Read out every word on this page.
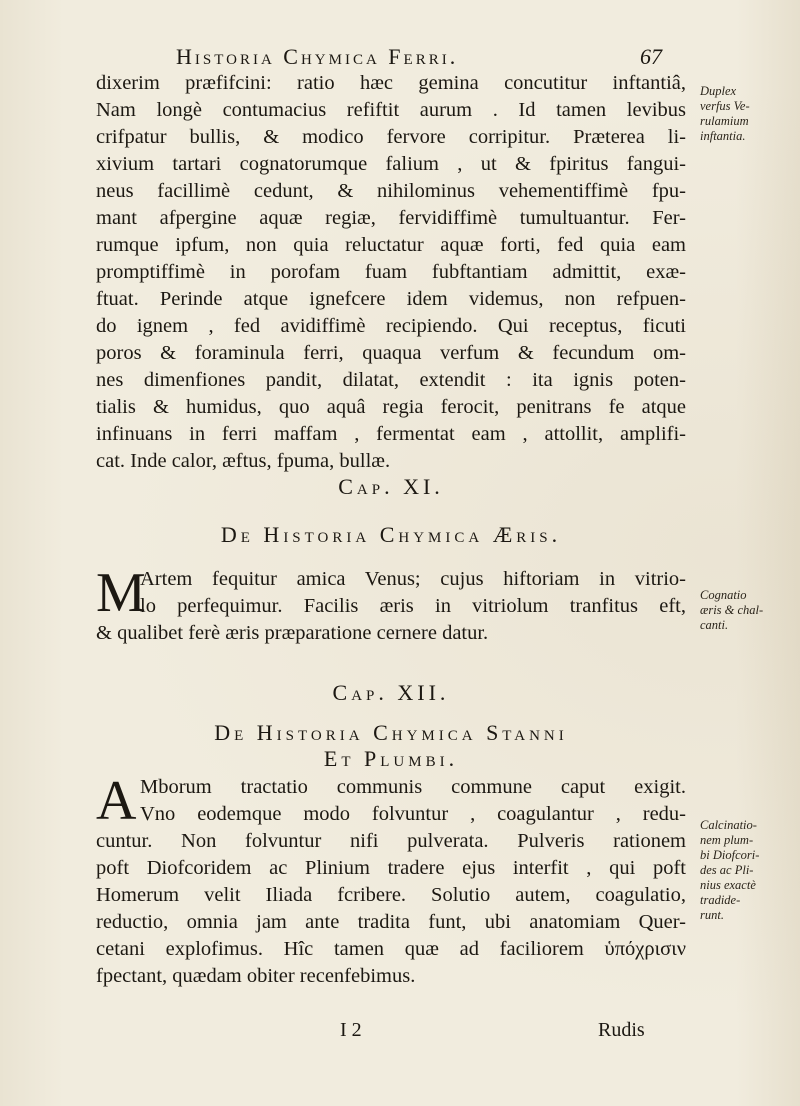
Historia Chymica Ferri.	67
dixerim præfifcini: ratio hæc gemina concutitur inftantiâ,
Nam longè contumacius refiftit aurum . Id tamen levibus
crifpatur bullis, & modico fervore corripitur. Præterea li-
xivium tartari cognatorumque falium , ut & fpiritus fangui-
neus facillimè cedunt, & nihilominus vehementiffimè fpu-
mant afpergine aquæ regiæ, fervidiffimè tumultuantur. Fer-
rumque ipfum, non quia reluctatur aquæ forti, fed quia eam
promptiffimè in porofam fuam fubftantiam admittit, exæ-
ftuat. Perinde atque ignefcere idem videmus, non refpuen-
do ignem , fed avidiffimè recipiendo. Qui receptus, ficuti
poros & foraminula ferri, quaqua verfum & fecundum om-
nes dimenfiones pandit, dilatat, extendit : ita ignis poten-
tialis & humidus, quo aquâ regia ferocit, penitrans fe atque
infinuans in ferri maffam , fermentat eam , attollit, amplifi-
cat. Inde calor, æftus, fpuma, bullæ.
Duplex
verfus Ve-
rulamium
inftantia.
Cap. XI.
De Historia Chymica Æris.
M
Artem fequitur amica Venus; cujus hiftoriam in vitrio-
lo perfequimur. Facilis æris in vitriolum tranfitus eft,
& qualibet ferè æris præparatione cernere datur.
Cognatio
æris & chal-
canti.
Cap. XII.
De Historia Chymica Stanni
Et Plumbi.
A Mborum tractatio communis commune caput exigit.
Vno eodemque modo folvuntur , coagulantur , redu-
cuntur. Non folvuntur nifi pulverata. Pulveris rationem
poft Diofcoridem ac Plinium tradere ejus interfit , qui poft
Homerum velit Iliada fcribere. Solutio autem, coagulatio,
reductio, omnia jam ante tradita funt, ubi anatomiam Quer-
cetani explofimus. Hîc tamen quæ ad faciliorem ὑπόχρισιν
fpectant, quædam obiter recenfebimus.
Calcinatio-
nem plum-
bi Diofcori-
des ac Pli-
nius exactè
tradide-
runt.
I 2	Rudis
